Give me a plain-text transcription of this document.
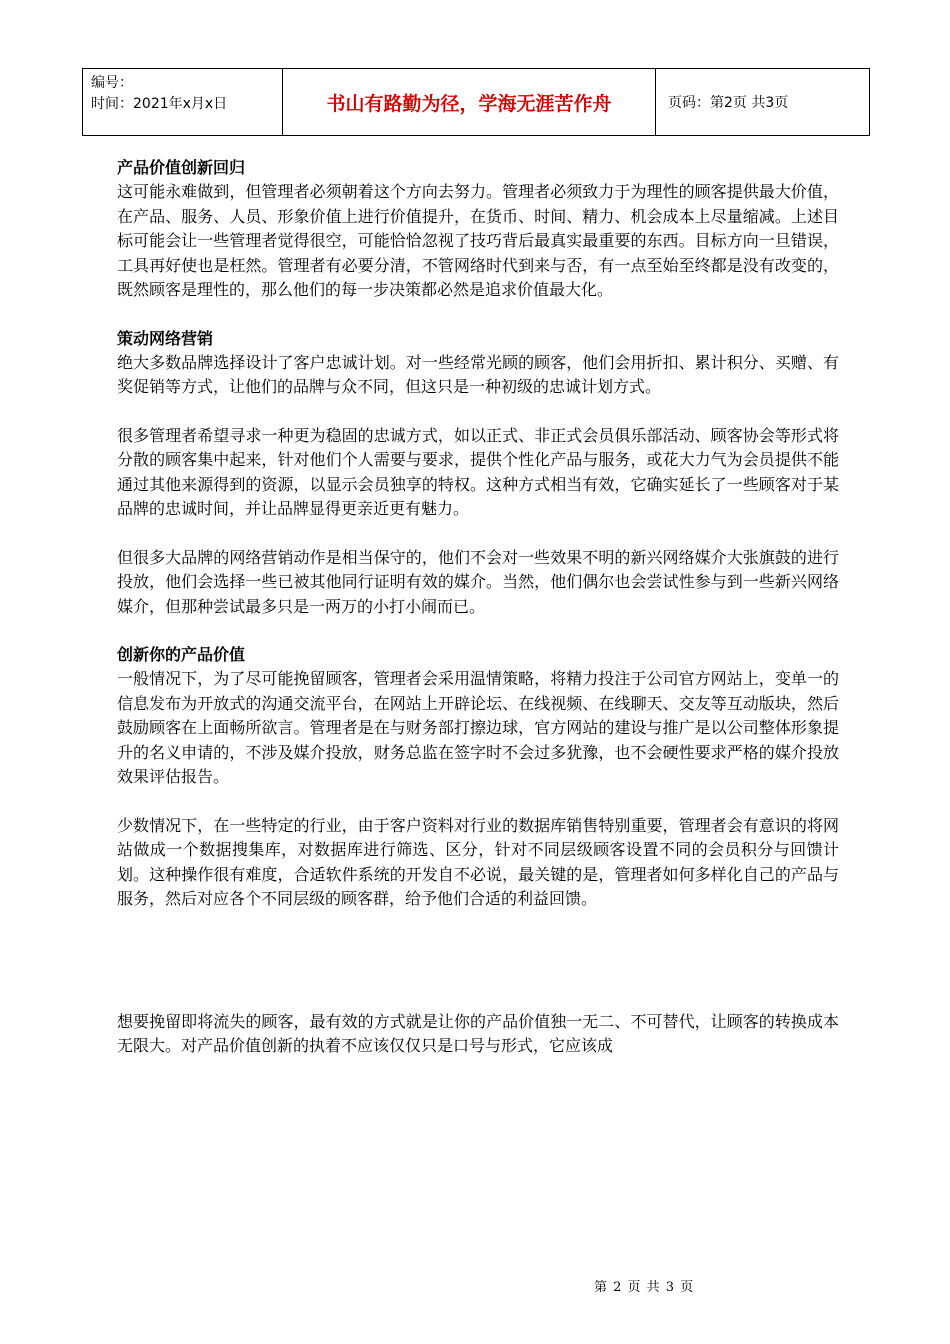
编号：
时间：2021年x月x日	书山有路勤为径，学海无涯苦作舟	页码：第2页 共3页
产品价值创新回归

这可能永难做到，但管理者必须朝着这个方向去努力。管理者必须致力于为理性的顾客提供最大价值，在产品、服务、人员、形象价值上进行价值提升，在货币、时间、精力、机会成本上尽量缩减。上述目标可能会让一些管理者觉得很空，可能恰恰忽视了技巧背后最真实最重要的东西。目标方向一旦错误，工具再好使也是枉然。管理者有必要分清，不管网络时代到来与否，有一点至始至终都是没有改变的，既然顾客是理性的，那么他们的每一步决策都必然是追求价值最大化。

策动网络营销

绝大多数品牌选择设计了客户忠诚计划。对一些经常光顾的顾客，他们会用折扣、累计积分、买赠、有奖促销等方式，让他们的品牌与众不同，但这只是一种初级的忠诚计划方式。

很多管理者希望寻求一种更为稳固的忠诚方式，如以正式、非正式会员俱乐部活动、顾客协会等形式将分散的顾客集中起来，针对他们个人需要与要求，提供个性化产品与服务，或花大力气为会员提供不能通过其他来源得到的资源，以显示会员独享的特权。这种方式相当有效，它确实延长了一些顾客对于某品牌的忠诚时间，并让品牌显得更亲近更有魅力。

但很多大品牌的网络营销动作是相当保守的，他们不会对一些效果不明的新兴网络媒介大张旗鼓的进行投放，他们会选择一些已被其他同行证明有效的媒介。当然，他们偶尔也会尝试性参与到一些新兴网络媒介，但那种尝试最多只是一两万的小打小闹而已。

创新你的产品价值

一般情况下，为了尽可能挽留顾客，管理者会采用温情策略，将精力投注于公司官方网站上，变单一的信息发布为开放式的沟通交流平台，在网站上开辟论坛、在线视频、在线聊天、交友等互动版块，然后鼓励顾客在上面畅所欲言。管理者是在与财务部打擦边球，官方网站的建设与推广是以公司整体形象提升的名义申请的，不涉及媒介投放，财务总监在签字时不会过多犹豫，也不会硬性要求严格的媒介投放效果评估报告。

少数情况下，在一些特定的行业，由于客户资料对行业的数据库销售特别重要，管理者会有意识的将网站做成一个数据搜集库，对数据库进行筛选、区分，针对不同层级顾客设置不同的会员积分与回馈计划。这种操作很有难度，合适软件系统的开发自不必说，最关键的是，管理者如何多样化自己的产品与服务，然后对应各个不同层级的顾客群，给予他们合适的利益回馈。

想要挽留即将流失的顾客，最有效的方式就是让你的产品价值独一无二、不可替代，让顾客的转换成本无限大。对产品价值创新的执着不应该仅仅只是口号与形式，它应该成

第 2 页 共 3 页
